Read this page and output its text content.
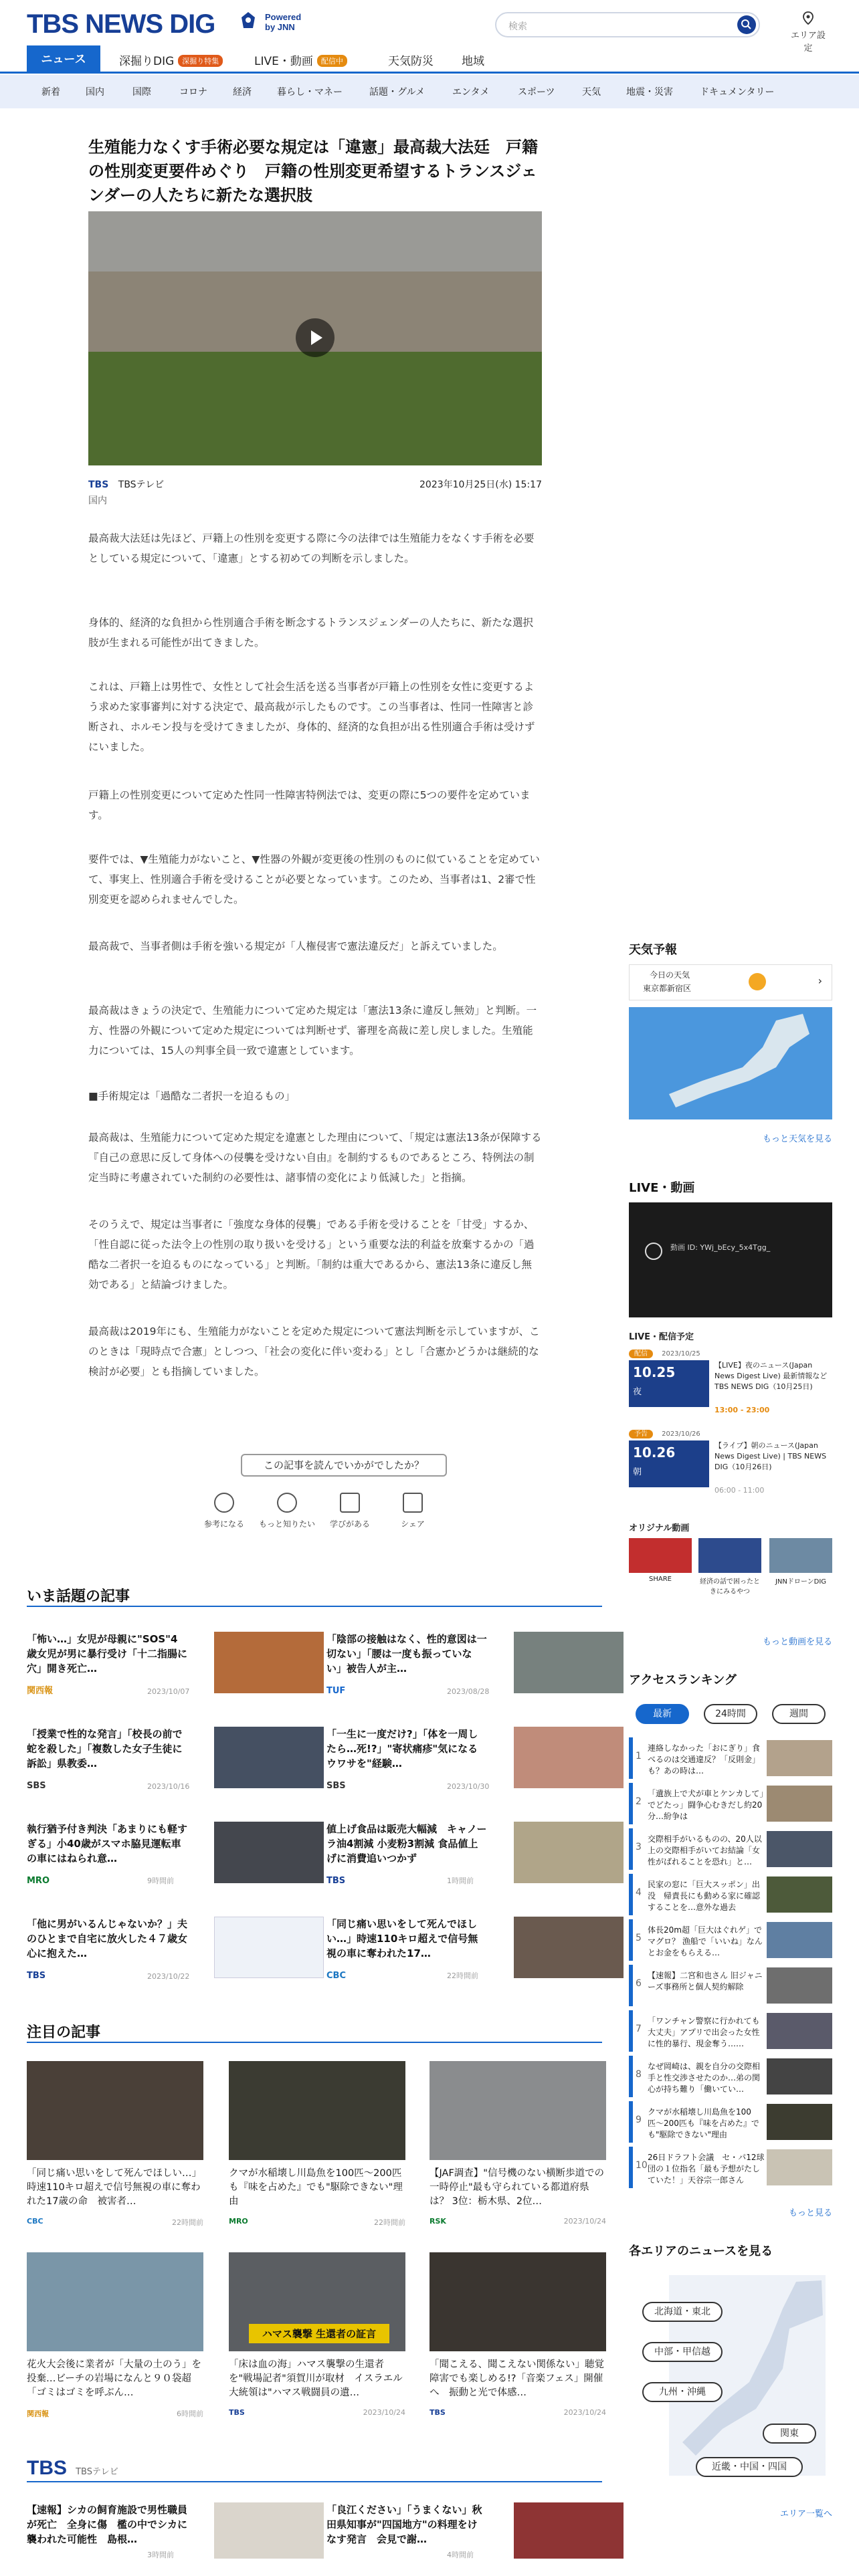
TBS NEWS DIG	Powered
by JNN	検索
エリア設定
ニュース	深掘りDIG 深掘り特集	LIVE・動画 配信中	天気防災 地域
新着	国内	国際	コロナ	経済	暮らし・マネー	話題・グルメ	エンタメ	スポーツ	天気	地震・災害	ドキュメンタリー
生殖能力なくす手術必要な規定は「違憲」最高裁大法廷　戸籍の性別変更要件めぐり　戸籍の性別変更希望するトランスジェンダーの人たちに新たな選択肢
TBS TBSテレビ	2023年10月25日(水) 15:17
国内

最高裁大法廷は先ほど、戸籍上の性別を変更する際に今の法律では生殖能力をなくす手術を必要としている規定について、「違憲」とする初めての判断を示しました。

身体的、経済的な負担から性別適合手術を断念するトランスジェンダーの人たちに、新たな選択肢が生まれる可能性が出てきました。

これは、戸籍上は男性で、女性として社会生活を送る当事者が戸籍上の性別を女性に変更するよう求めた家事審判に対する決定で、最高裁が示したものです。この当事者は、性同一性障害と診断され、ホルモン投与を受けてきましたが、身体的、経済的な負担が出る性別適合手術は受けずにいました。

戸籍上の性別変更について定めた性同一性障害特例法では、変更の際に5つの要件を定めています。

要件では、▼生殖能力がないこと、▼性器の外観が変更後の性別のものに似ていることを定めていて、事実上、性別適合手術を受けることが必要となっています。このため、当事者は1、2審で性別変更を認められませんでした。

最高裁で、当事者側は手術を強いる規定が「人権侵害で憲法違反だ」と訴えていました。

最高裁はきょうの決定で、生殖能力について定めた規定は「憲法13条に違反し無効」と判断。一方、性器の外観について定めた規定については判断せず、審理を高裁に差し戻しました。生殖能力については、15人の判事全員一致で違憲としています。

■手術規定は「過酷な二者択一を迫るもの」

最高裁は、生殖能力について定めた規定を違憲とした理由について、「規定は憲法13条が保障する『自己の意思に反して身体への侵襲を受けない自由』を制約するものであるところ、特例法の制定当時に考慮されていた制約の必要性は、諸事情の変化により低減した」と指摘。

そのうえで、規定は当事者に「強度な身体的侵襲」である手術を受けることを「甘受」するか、「性自認に従った法令上の性別の取り扱いを受ける」という重要な法的利益を放棄するかの「過酷な二者択一を迫るものになっている」と判断。「制約は重大であるから、憲法13条に違反し無効である」と結論づけました。

最高裁は2019年にも、生殖能力がないことを定めた規定について憲法判断を示していますが、このときは「現時点で合憲」としつつ、「社会の変化に伴い変わる」とし「合憲かどうかは継続的な検討が必要」とも指摘していました。

この記事を読んでいかがでしたか？
参考になる	もっと知りたい	学びがある	シェア
いま話題の記事
「怖い…」女児が母親に"SOS"4歳女児が男に暴行受け「十二指腸に穴」開き死亡…
関西報	2023/10/07
「陰部の接触はなく、性的意図は一切ない」「腰は一度も振っていない」被告人が主…
TUF	2023/08/28
「授業で性的な発言」「校長の前で蛇を殺した」「複数した女子生徒に訴訟」県教委…
SBS	2023/10/16
「一生に一度だけ?」「体を一周したら…死!?」"寄状痛疹"気になるウワサを"経験…
SBS	2023/10/30
執行猶予付き判決「あまりにも軽すぎる」小40歳がスマホ脇見運転車の車にはねられ意…
MRO	9時間前
値上げ食品は販売大幅減　キャノーラ油4割減 小麦粉3割減 食品値上げに消費追いつかず
TBS	1時間前
「他に男がいるんじゃないか？」夫のひとまで自宅に放火した４７歳女　心に抱えた…
TBS	2023/10/22
「同じ痛い思いをして死んでほしい…」時速110キロ超えで信号無視の車に奪われた17…
CBC	22時間前
注目の記事
「同じ痛い思いをして死んでほしい…」時速110キロ超えで信号無視の車に奪われた17歳の命　被害者…
CBC	22時間前
クマが水稲壊し川島魚を100匹〜200匹も『味を占めた』でも"駆除できない"理由
MRO	22時間前
【JAF調査】"信号機のない横断歩道での一時停止"最も守られている都道府県は？ 3位：栃木県、2位…
RSK	2023/10/24
花火大会後に業者が「大量の土のう」を投棄…ビーチの岩場になんと９０袋超　「ゴミはゴミを呼ぶん…
関西報	6時間前
ハマス襲撃 生還者の証言
「床は血の海」ハマス襲撃の生還者を"戦場記者"須賀川が取材　イスラエル大統領は"ハマス戦闘員の遺…
TBS	2023/10/24
「聞こえる、聞こえない関係ない」聴覚障害でも楽しめる!?「音楽フェス」開催へ　振動と光で体感…
TBS	2023/10/24
TBS TBSテレビ
【速報】シカの飼育施設で男性職員が死亡　全身に傷　檻の中でシカに襲われた可能性　島根…
3時間前
「良江ください」「うまくない」秋田県知事が"四国地方"の料理をけなす発言　会見で謝…
4時間前
天気予報
今日の天気
東京都新宿区
›
もっと天気を見る
LIVE・動画
動画 ID: YWj_bEcy_5x4Tgg_
LIVE・配信予定
配信 2023/10/25
10.25
夜
【LIVE】夜のニュース(Japan News Digest Live) 最新情報など TBS NEWS DIG（10月25日)
13:00 - 23:00
予告 2023/10/26
10.26
朝
【ライブ】朝のニュース(Japan News Digest Live) | TBS NEWS DIG（10月26日)
06:00 - 11:00
オリジナル動画
SHARE	経済の話で困ったときにみるやつ
JNNドローンDIG
もっと動画を見る
アクセスランキング
最新	24時間	週間
1
連絡しなかった「おにぎり」食べるのは交通違反？「反則金」も？あの時は…
2
「遺族上で犬が車とケンカして」でどたっ」闘争心むきだし約20分…紛争は
3
交際相手がいるものの、20人以上の交際相手がいてお結論「女性がばれることを恐れ」と…
4
民家の窓に「巨大スッポン」出没　帰責長にも動める家に確認することを…意外な過去
5
体長20m超「巨大はぐれゲ」でマグロ？ 漁船で「いいね」なんとお金をもらえる…
6
【速報】二宮和也さん 旧ジャニーズ事務所と個人契約解除
7
「ワンチャン警察に行かれても大丈夫」アプリで出会った女性に性的暴行、現金奪う……
8
なぜ岡崎は、親を自分の交際相手と性交渉させたのか…弟の関心が持ち難り「働いてい…
9
クマが水稲壊し川島魚を100匹〜200匹も『味を占めた』でも"駆除できない"理由
10
26日ドラフト会議　セ・パ12球団の１位指名「最も予想がたしていた！」天谷宗一郎さん
もっと見る
各エリアのニュースを見る
北海道・東北
中部・甲信越
九州・沖縄
関東
近畿・中国・四国
エリア一覧へ
